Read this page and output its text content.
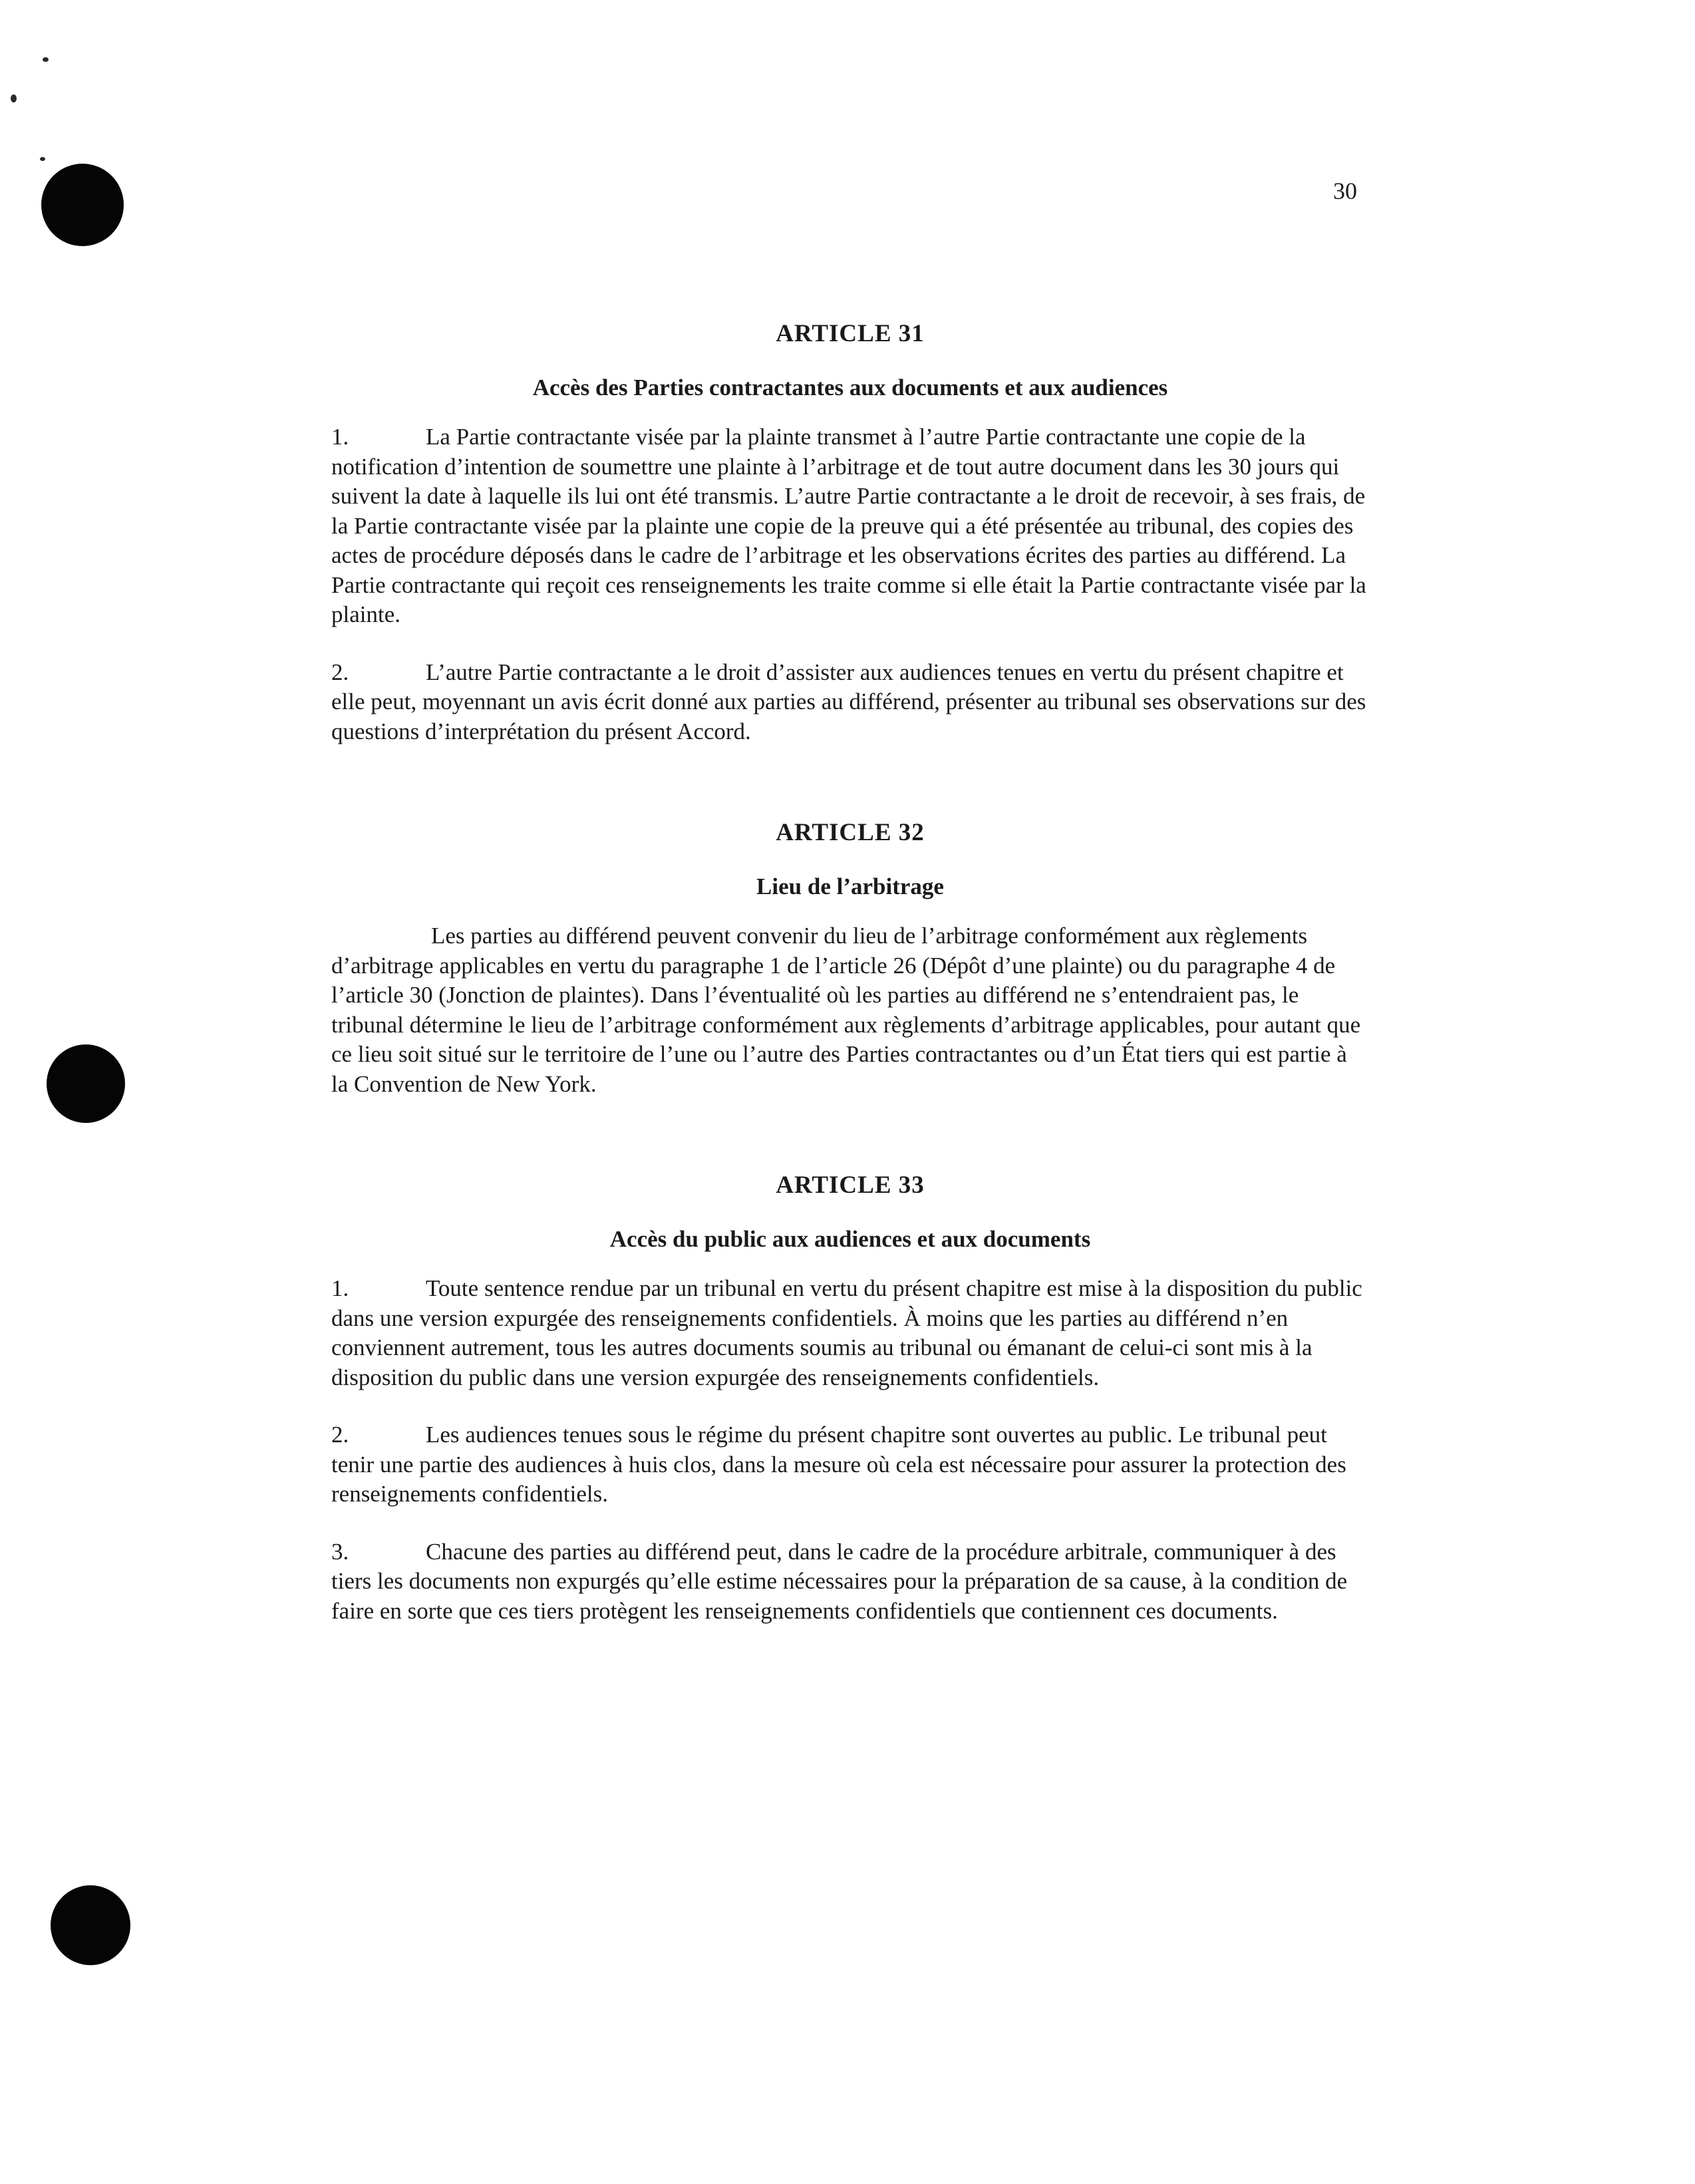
30
ARTICLE 31
Accès des Parties contractantes aux documents et aux audiences

1.	La Partie contractante visée par la plainte transmet à l’autre Partie contractante une copie de la notification d’intention de soumettre une plainte à l’arbitrage et de tout autre document dans les 30 jours qui suivent la date à laquelle ils lui ont été transmis. L’autre Partie contractante a le droit de recevoir, à ses frais, de la Partie contractante visée par la plainte une copie de la preuve qui a été présentée au tribunal, des copies des actes de procédure déposés dans le cadre de l’arbitrage et les observations écrites des parties au différend. La Partie contractante qui reçoit ces renseignements les traite comme si elle était la Partie contractante visée par la plainte.

2.	L’autre Partie contractante a le droit d’assister aux audiences tenues en vertu du présent chapitre et elle peut, moyennant un avis écrit donné aux parties au différend, présenter au tribunal ses observations sur des questions d’interprétation du présent Accord.

ARTICLE 32
Lieu de l’arbitrage

Les parties au différend peuvent convenir du lieu de l’arbitrage conformément aux règlements d’arbitrage applicables en vertu du paragraphe 1 de l’article 26 (Dépôt d’une plainte) ou du paragraphe 4 de l’article 30 (Jonction de plaintes). Dans l’éventualité où les parties au différend ne s’entendraient pas, le tribunal détermine le lieu de l’arbitrage conformément aux règlements d’arbitrage applicables, pour autant que ce lieu soit situé sur le territoire de l’une ou l’autre des Parties contractantes ou d’un État tiers qui est partie à la Convention de New York.

ARTICLE 33
Accès du public aux audiences et aux documents

1.	Toute sentence rendue par un tribunal en vertu du présent chapitre est mise à la disposition du public dans une version expurgée des renseignements confidentiels. À moins que les parties au différend n’en conviennent autrement, tous les autres documents soumis au tribunal ou émanant de celui-ci sont mis à la disposition du public dans une version expurgée des renseignements confidentiels.

2.	Les audiences tenues sous le régime du présent chapitre sont ouvertes au public. Le tribunal peut tenir une partie des audiences à huis clos, dans la mesure où cela est nécessaire pour assurer la protection des renseignements confidentiels.

3.	Chacune des parties au différend peut, dans le cadre de la procédure arbitrale, communiquer à des tiers les documents non expurgés qu’elle estime nécessaires pour la préparation de sa cause, à la condition de faire en sorte que ces tiers protègent les renseignements confidentiels que contiennent ces documents.
